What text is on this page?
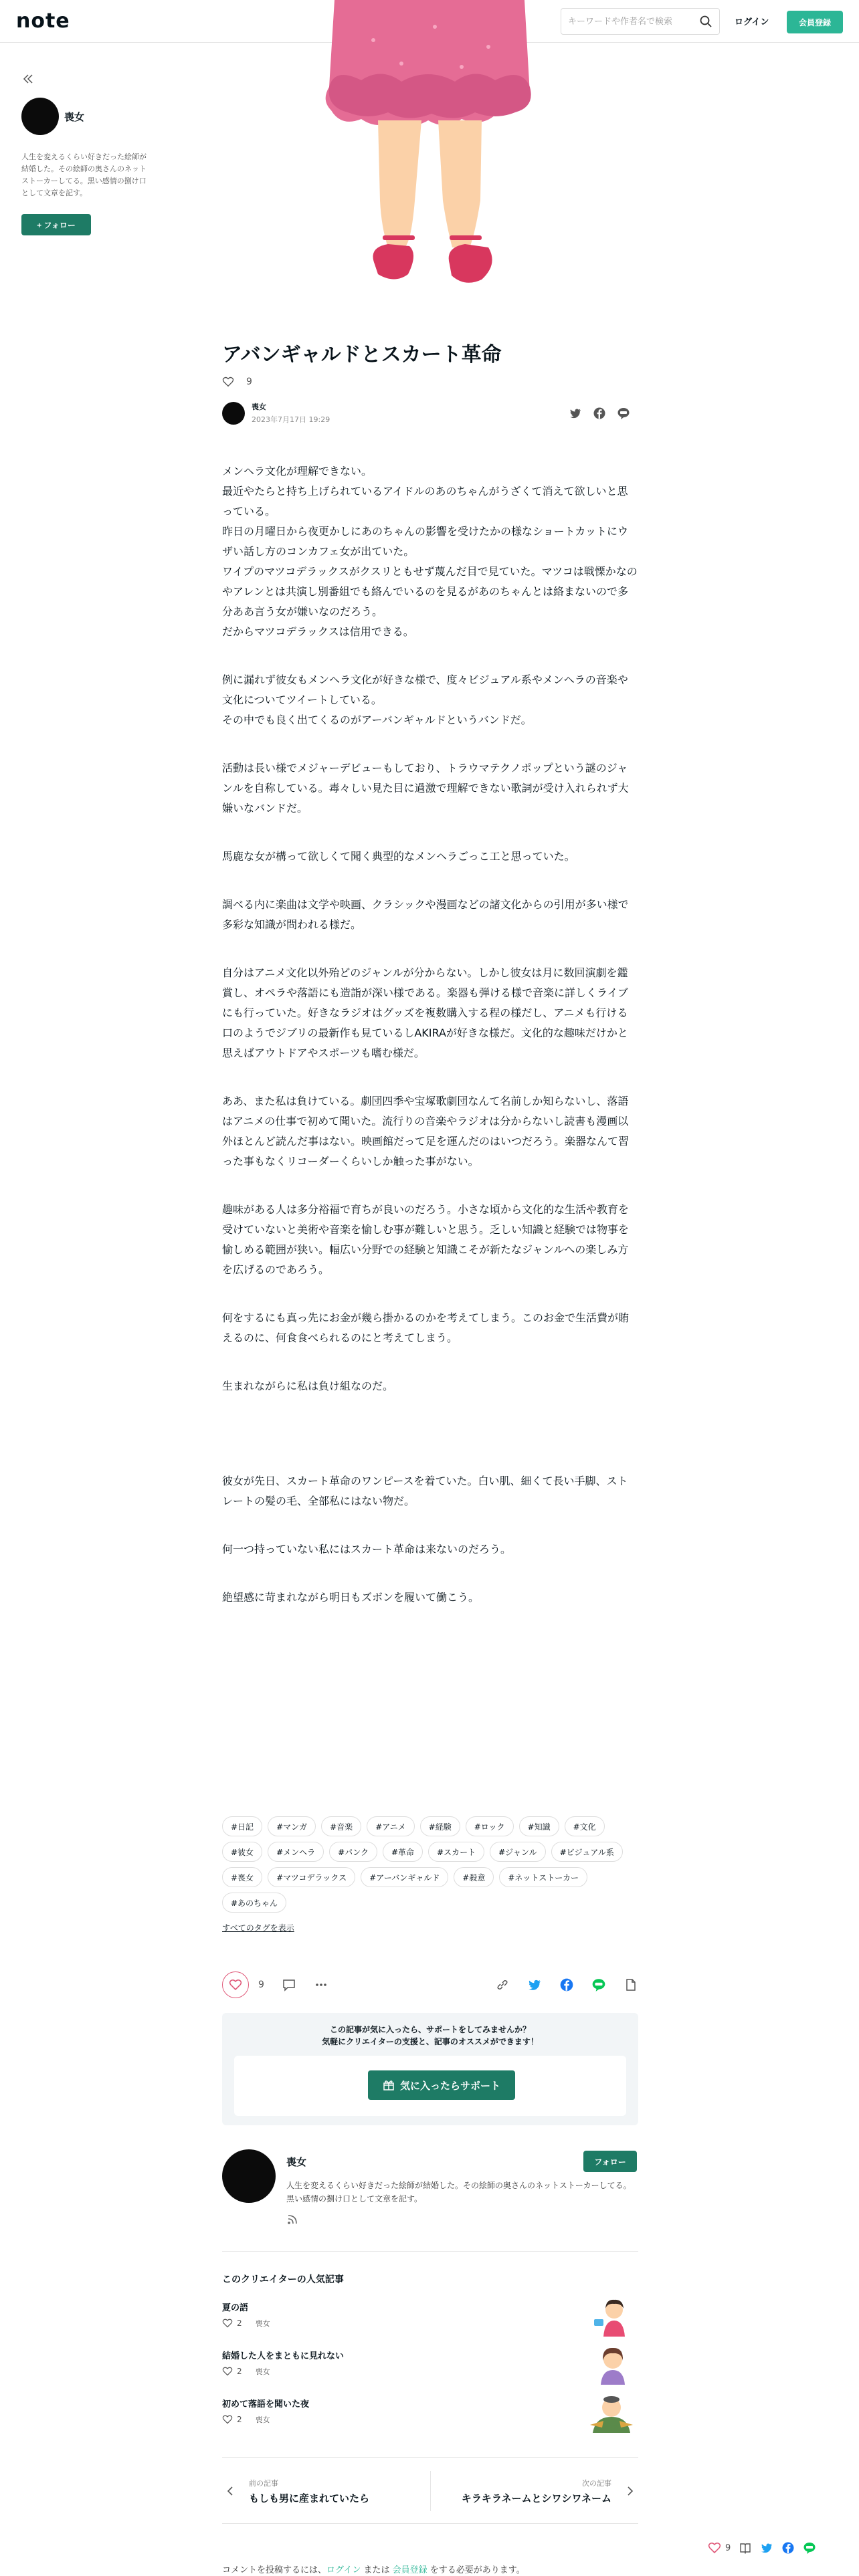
note
キーワードや作者名で検索	ログイン	会員登録
喪女
人生を変えるくらい好きだった絵師が結婚した。その絵師の奥さんのネットストーカーしてる。黒い感情の捌け口として文章を記す。
+ フォロー
アバンギャルドとスカート革命
9
喪女
2023年7月17日 19:29

メンヘラ文化が理解できない。
最近やたらと持ち上げられているアイドルのあのちゃんがうざくて消えて欲しいと思っている。
昨日の月曜日から夜更かしにあのちゃんの影響を受けたかの様なショートカットにウザい話し方のコンカフェ女が出ていた。
ワイプのマツコデラックスがクスリともせず蔑んだ目で見ていた。マツコは戦慄かなのやアレンとは共演し別番組でも絡んでいるのを見るがあのちゃんとは絡まないので多分ああ言う女が嫌いなのだろう。
だからマツコデラックスは信用できる。

例に漏れず彼女もメンヘラ文化が好きな様で、度々ビジュアル系やメンヘラの音楽や文化についてツイートしている。
その中でも良く出てくるのがアーバンギャルドというバンドだ。

活動は長い様でメジャーデビューもしており、トラウマテクノポップという謎のジャンルを自称している。毒々しい見た目に過激で理解できない歌詞が受け入れられず大嫌いなバンドだ。

馬鹿な女が構って欲しくて聞く典型的なメンヘラごっこ工と思っていた。

調べる内に楽曲は文学や映画、クラシックや漫画などの諸文化からの引用が多い様で多彩な知識が問われる様だ。

自分はアニメ文化以外殆どのジャンルが分からない。しかし彼女は月に数回演劇を鑑賞し、オペラや落語にも造詣が深い様である。楽器も弾ける様で音楽に詳しくライブにも行っていた。好きなラジオはグッズを複数購入する程の様だし、アニメも行ける口のようでジブリの最新作も見ているしAKIRAが好きな様だ。文化的な趣味だけかと思えばアウトドアやスポーツも嗜む様だ。

ああ、また私は負けている。劇団四季や宝塚歌劇団なんて名前しか知らないし、落語はアニメの仕事で初めて聞いた。流行りの音楽やラジオは分からないし読書も漫画以外ほとんど読んだ事はない。映画館だって足を運んだのはいつだろう。楽器なんて習った事もなくリコーダーくらいしか触った事がない。

趣味がある人は多分裕福で育ちが良いのだろう。小さな頃から文化的な生活や教育を受けていないと美術や音楽を愉しむ事が難しいと思う。乏しい知識と経験では物事を愉しめる範囲が狭い。幅広い分野での経験と知識こそが新たなジャンルへの楽しみ方を広げるのであろう。

何をするにも真っ先にお金が幾ら掛かるのかを考えてしまう。このお金で生活費が賄えるのに、何食食べられるのにと考えてしまう。

生まれながらに私は負け組なのだ。

彼女が先日、スカート革命のワンピースを着ていた。白い肌、細くて長い手脚、ストレートの髪の毛、全部私にはない物だ。

何一つ持っていない私にはスカート革命は来ないのだろう。

絶望感に苛まれながら明日もズボンを履いて働こう。

#日記	#マンガ	#音楽	#アニメ	#経験	#ロック	#知識	#文化
#彼女	#メンヘラ	#パンク	#革命	#スカート	#ジャンル	#ビジュアル系
#喪女	#マツコデラックス	#アーバンギャルド	#殺意	#ネットストーカー
#あのちゃん
すべてのタグを表示
9
この記事が気に入ったら、サポートをしてみませんか？
気軽にクリエイターの支援と、記事のオススメができます！
気に入ったらサポート
喪女	フォロー
人生を変えるくらい好きだった絵師が結婚した。その絵師の奥さんのネットストーカーしてる。黒い感情の捌け口として文章を記す。
このクリエイターの人気記事
夏の語
2 喪女
結婚した人をまともに見れない
2 喪女
初めて落語を聞いた夜
2 喪女
前の記事
もしも男に産まれていたら
次の記事
キラキラネームとシワシワネーム
9
コメントを投稿するには、ログイン または 会員登録 をする必要があります。
